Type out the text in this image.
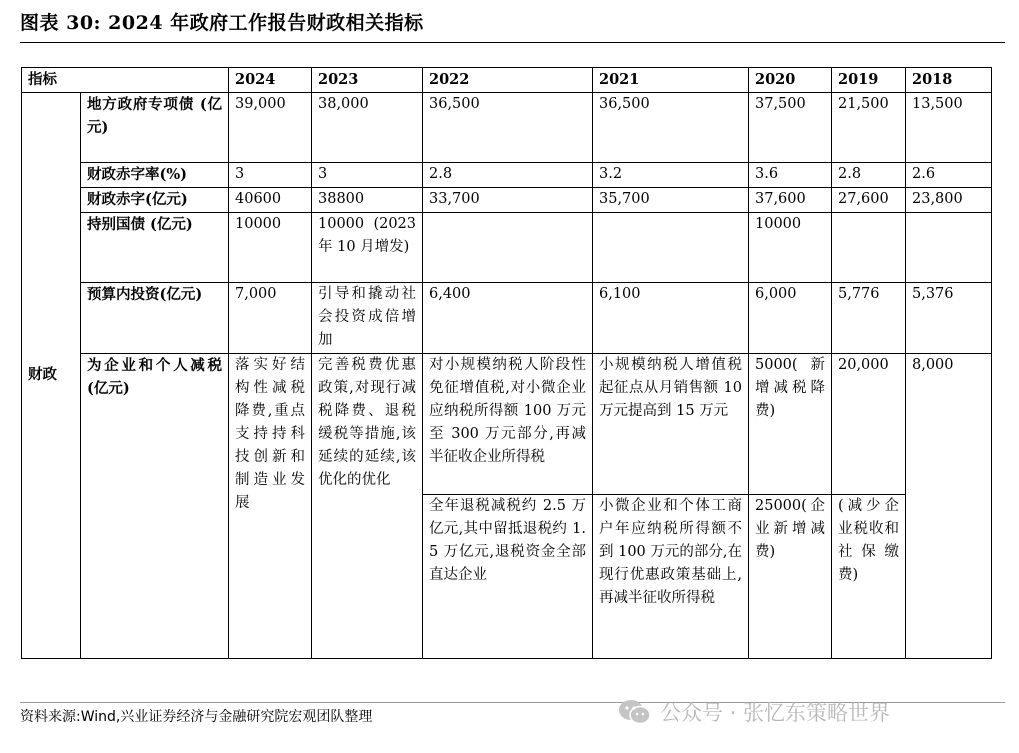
图表 30: 2024 年政府工作报告财政相关指标
指标		2024	2023	2022	2021	2020	2019	2018
财政	地方政府专项债 (亿元)	39,000	38,000	36,500	36,500	37,500	21,500	13,500
	财政赤字率(%)	3	3	2.8	3.2	3.6	2.8	2.6
	财政赤字(亿元)	40600	38800	33,700	35,700	37,600	27,600	23,800
	持别国债 (亿元)	10000	10000 (2023 年 10 月增发)			10000		
	预算内投资(亿元)	7,000	引导和撬动社会投资成倍增加	6,400	6,100	6,000	5,776	5,376
	为企业和个人减税(亿元)	落实好结构性减税降费,重点支持持科技创新和制造业发展	完善税费优惠政策,对现行减税降费、退税缓税等措施,该延续的延续,该优化的优化	对小规模纳税人阶段性免征增值税,对小微企业应纳税所得额 100 万元至 300 万元部分,再减半征收企业所得税	小规模纳税人增值税起征点从月销售额 10 万元提高到 15 万元	5000(新增减税降费)	20,000	8,000
				全年退税减税约 2.5 万亿元,其中留抵退税约 1.5 万亿元,退税资金全部直达企业	小微企业和个体工商户年应纳税所得额不到 100 万元的部分,在现行优惠政策基础上,再减半征收所得税	25000(企业新增减费)	(减少企业税收和社保缴费)	
资料来源:Wind,兴业证券经济与金融研究院宏观团队整理	公众号 · 张忆东策略世界
